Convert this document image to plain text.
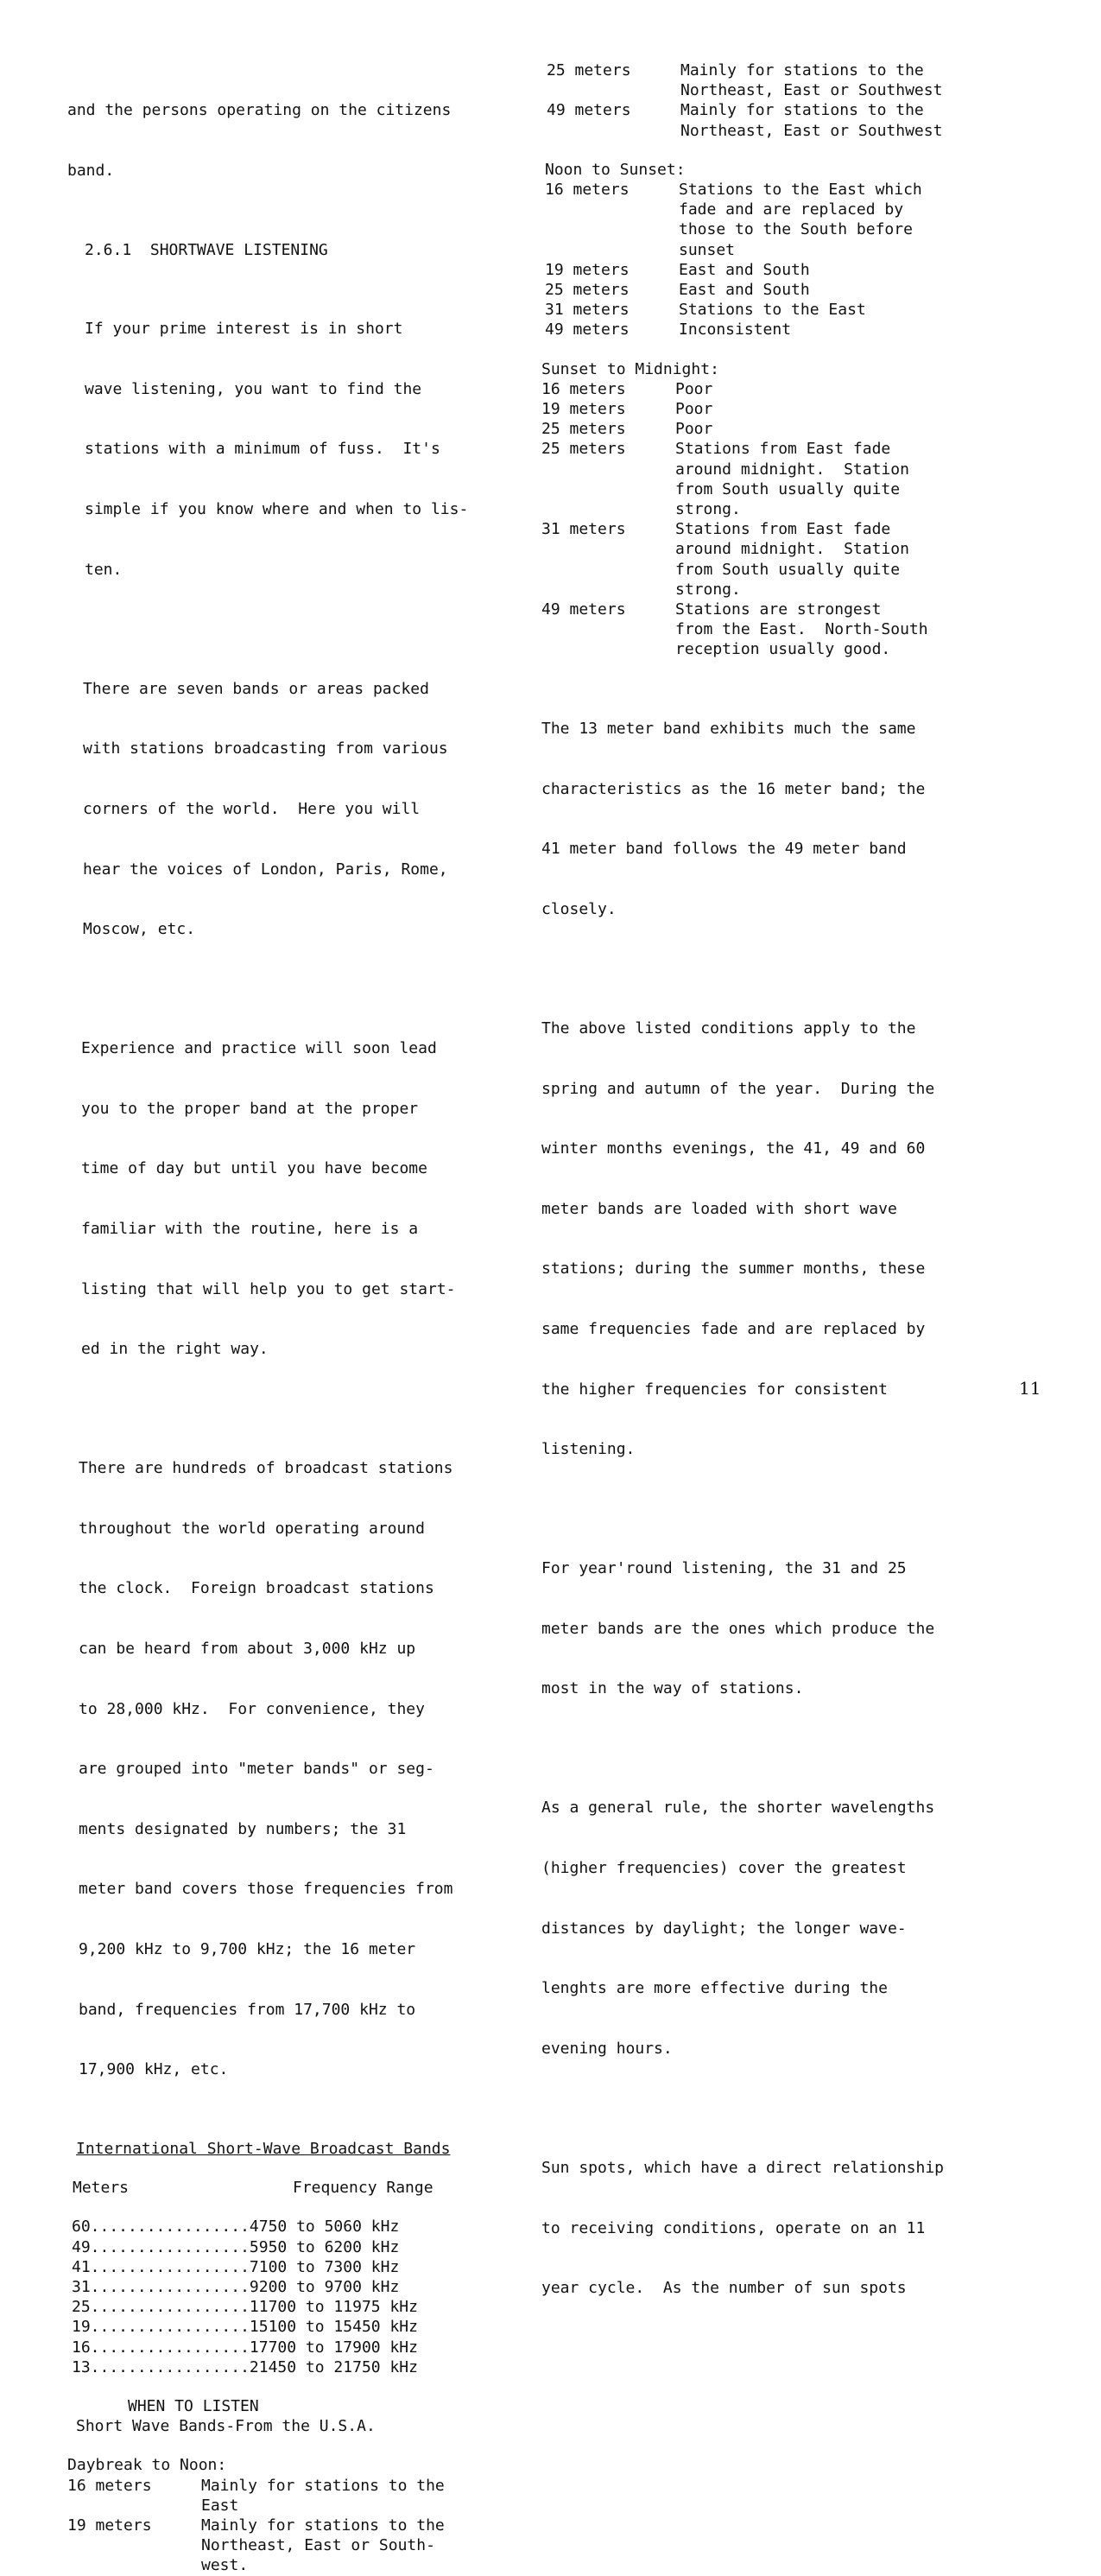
and the persons operating on the citizens

band.

2.6.1  SHORTWAVE LISTENING

If your prime interest is in short

wave listening, you want to find the

stations with a minimum of fuss.  It's

simple if you know where and when to lis-

ten.

There are seven bands or areas packed

with stations broadcasting from various

corners of the world.  Here you will

hear the voices of London, Paris, Rome,

Moscow, etc.

Experience and practice will soon lead

you to the proper band at the proper

time of day but until you have become

familiar with the routine, here is a

listing that will help you to get start-

ed in the right way.

There are hundreds of broadcast stations

throughout the world operating around

the clock.  Foreign broadcast stations

can be heard from about 3,000 kHz up

to 28,000 kHz.  For convenience, they

are grouped into "meter bands" or seg-

ments designated by numbers; the 31

meter band covers those frequencies from

9,200 kHz to 9,700 kHz; the 16 meter

band, frequencies from 17,700 kHz to

17,900 kHz, etc.

International Short-Wave Broadcast Bands
Meters	Frequency Range
60.................4750 to 5060 kHz
49.................5950 to 6200 kHz
41.................7100 to 7300 kHz
31.................9200 to 9700 kHz
25.................11700 to 11975 kHz
19.................15100 to 15450 kHz
16.................17700 to 17900 kHz
13.................21450 to 21750 kHz
WHEN TO LISTEN
Short Wave Bands-From the U.S.A.
Daybreak to Noon:
16 meters	Mainly for stations to the
East
19 meters	Mainly for stations to the
Northeast, East or South-
west.
25 meters	Mainly for stations to the
Northeast, East or Southwest
49 meters	Mainly for stations to the
Northeast, East or Southwest
Noon to Sunset:
16 meters	Stations to the East which
fade and are replaced by
those to the South before
sunset
19 meters	East and South
25 meters	East and South
31 meters	Stations to the East
49 meters	Inconsistent
Sunset to Midnight:
16 meters	Poor
19 meters	Poor
25 meters	Poor
25 meters	Stations from East fade
around midnight.  Station
from South usually quite
strong.
31 meters	Stations from East fade
around midnight.  Station
from South usually quite
strong.
49 meters	Stations are strongest
from the East.  North-South
reception usually good.

The 13 meter band exhibits much the same

characteristics as the 16 meter band; the

41 meter band follows the 49 meter band

closely.

The above listed conditions apply to the

spring and autumn of the year.  During the

winter months evenings, the 41, 49 and 60

meter bands are loaded with short wave

stations; during the summer months, these

same frequencies fade and are replaced by

the higher frequencies for consistent

listening.

For year'round listening, the 31 and 25

meter bands are the ones which produce the

most in the way of stations.

As a general rule, the shorter wavelengths

(higher frequencies) cover the greatest

distances by daylight; the longer wave-

lenghts are more effective during the

evening hours.

Sun spots, which have a direct relationship

to receiving conditions, operate on an 11

year cycle.  As the number of sun spots

11
